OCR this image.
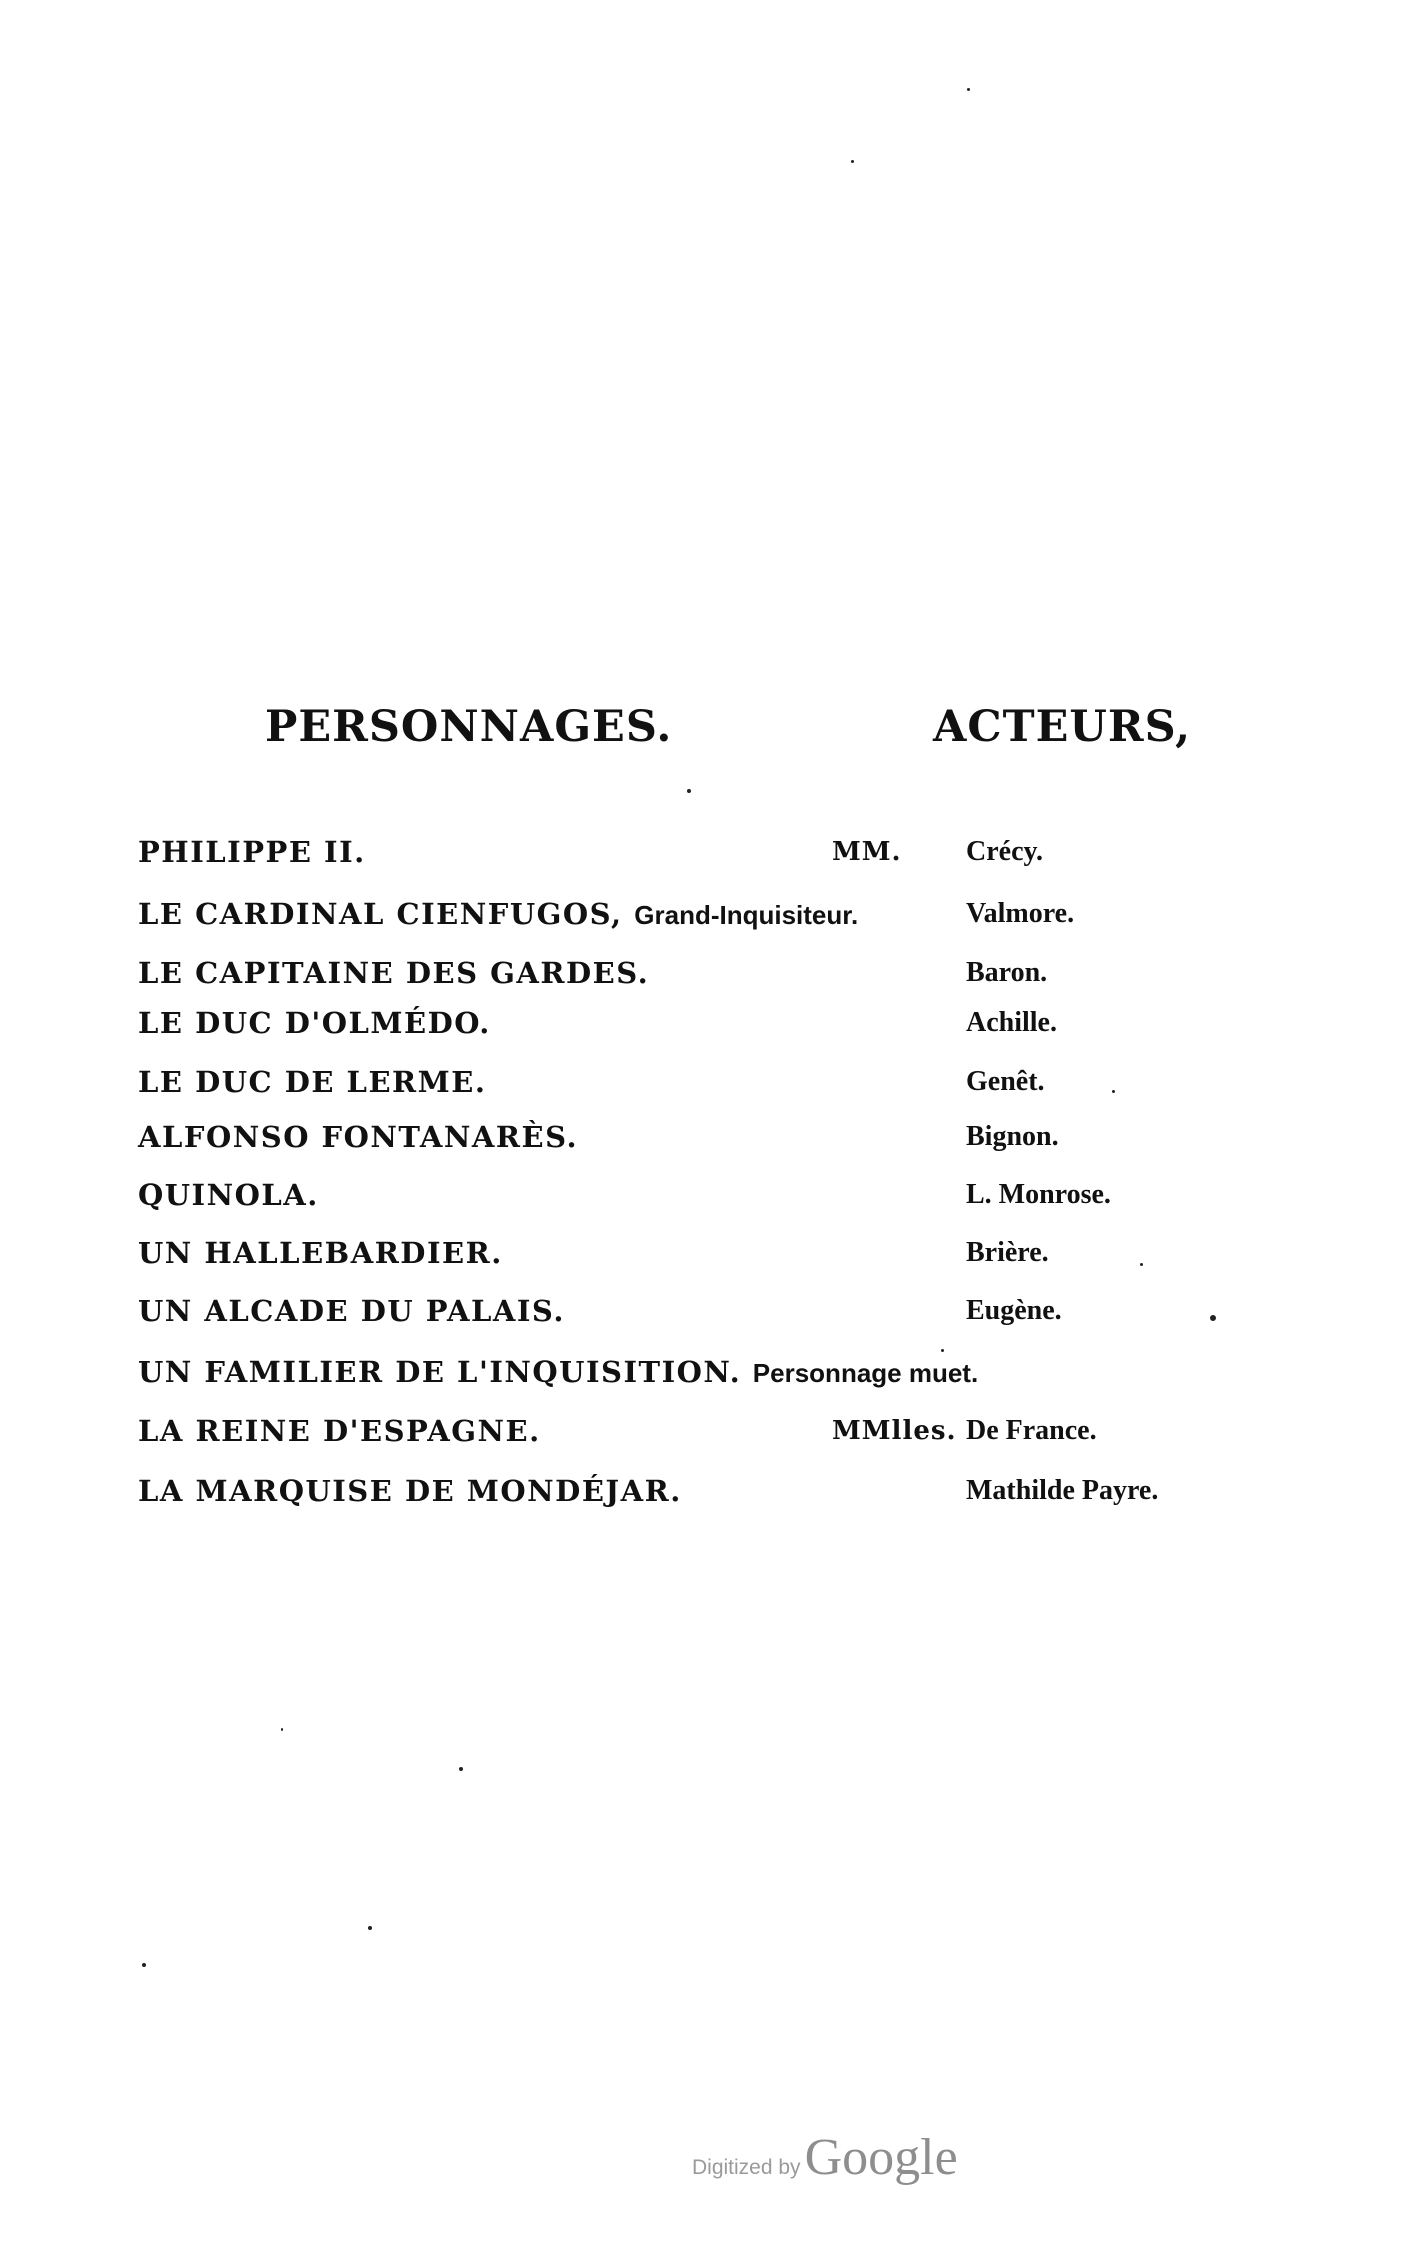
PERSONNAGES.	ACTEURS,
PHILIPPE II.	MM. Crécy.
LE CARDINAL CIENFUGOS, Grand-Inquisiteur.	Valmore.
LE CAPITAINE DES GARDES.	Baron.
LE DUC D'OLMÉDO.	Achille.
LE DUC DE LERME.	Genêt.
ALFONSO FONTANARÈS.	Bignon.
QUINOLA.	L. Monrose.
UN HALLEBARDIER.	Brière.
UN ALCADE DU PALAIS.	Eugène.
UN FAMILIER DE L'INQUISITION. Personnage muet.
LA REINE D'ESPAGNE.	MMlles. De France.
LA MARQUISE DE MONDÉJAR.	Mathilde Payre.
Digitized byGoogle
